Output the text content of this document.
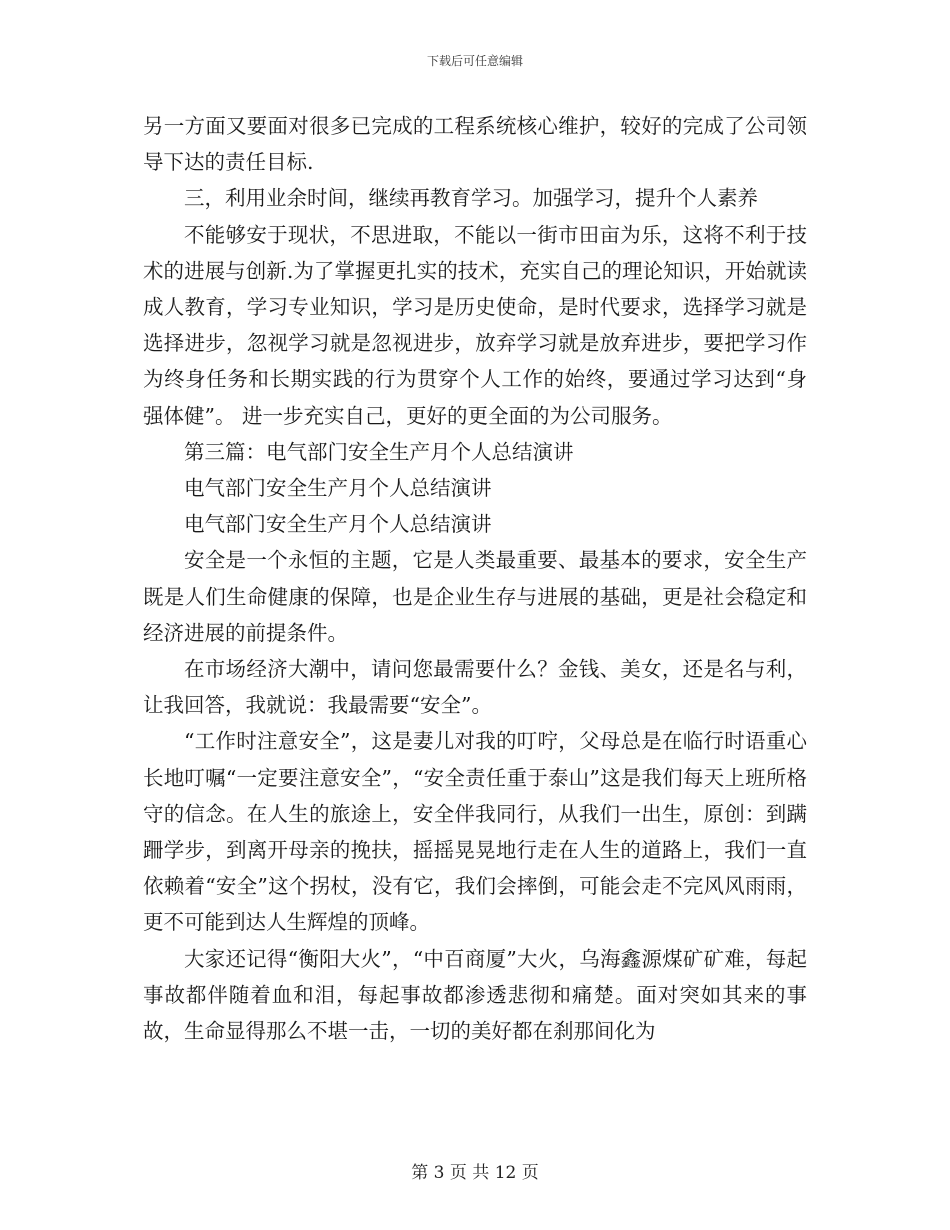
下载后可任意编辑

另一方面又要面对很多已完成的工程系统核心维护，较好的完成了公司领导下达的责任目标.

三，利用业余时间，继续再教育学习。加强学习，提升个人素养

不能够安于现状，不思进取，不能以一街市田亩为乐，这将不利于技术的进展与创新.为了掌握更扎实的技术，充实自己的理论知识，开始就读成人教育，学习专业知识，学习是历史使命，是时代要求，选择学习就是选择进步，忽视学习就是忽视进步，放弃学习就是放弃进步，要把学习作为终身任务和长期实践的行为贯穿个人工作的始终，要通过学习达到“身强体健”。 进一步充实自己，更好的更全面的为公司服务。

第三篇：电气部门安全生产月个人总结演讲

电气部门安全生产月个人总结演讲

电气部门安全生产月个人总结演讲

安全是一个永恒的主题，它是人类最重要、最基本的要求，安全生产既是人们生命健康的保障，也是企业生存与进展的基础，更是社会稳定和经济进展的前提条件。

在市场经济大潮中，请问您最需要什么？金钱、美女，还是名与利，让我回答，我就说：我最需要“安全”。

“工作时注意安全”，这是妻儿对我的叮咛，父母总是在临行时语重心长地叮嘱“一定要注意安全”，“安全责任重于泰山”这是我们每天上班所格守的信念。在人生的旅途上，安全伴我同行，从我们一出生，原创：到蹒跚学步，到离开母亲的挽扶，摇摇晃晃地行走在人生的道路上，我们一直依赖着“安全”这个拐杖，没有它，我们会摔倒，可能会走不完风风雨雨，更不可能到达人生辉煌的顶峰。

大家还记得“衡阳大火”，“中百商厦”大火，乌海鑫源煤矿矿难，每起事故都伴随着血和泪，每起事故都渗透悲彻和痛楚。面对突如其来的事故，生命显得那么不堪一击，一切的美好都在刹那间化为

第 3 页 共 12 页
